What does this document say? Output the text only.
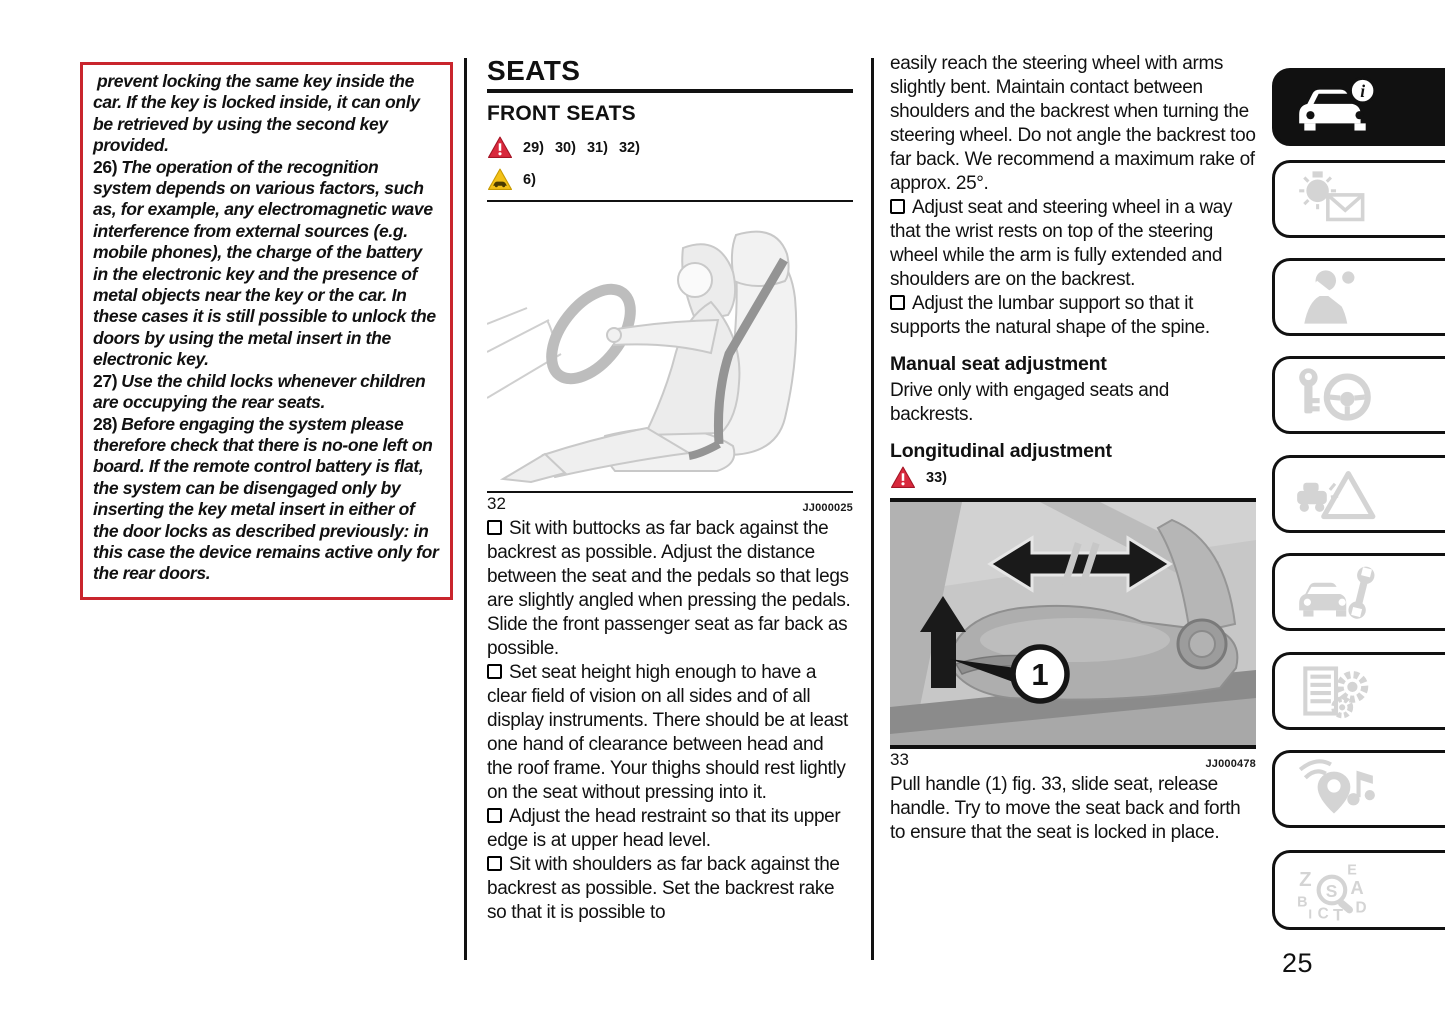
prevent locking the same key inside the car. If the key is locked inside, it can only be retrieved by using the second key provided.

26) The operation of the recognition system depends on various factors, such as, for example, any electromagnetic wave interference from external sources (e.g. mobile phones), the charge of the battery in the electronic key and the presence of metal objects near the key or the car. In these cases it is still possible to unlock the doors by using the metal insert in the electronic key.

27) Use the child locks whenever children are occupying the rear seats.

28) Before engaging the system please therefore check that there is no-one left on board. If the remote control battery is flat, the system can be disengaged only by inserting the key metal insert in either of the door locks as described previously: in this case the device remains active only for the rear doors.

SEATS
FRONT SEATS
29) 30) 31) 32)
6)
32	JJ000025

Sit with buttocks as far back against the backrest as possible. Adjust the distance between the seat and the pedals so that legs are slightly angled when pressing the pedals. Slide the front passenger seat as far back as possible.

Set seat height high enough to have a clear field of vision on all sides and of all display instruments. There should be at least one hand of clearance between head and the roof frame. Your thighs should rest lightly on the seat without pressing into it.

Adjust the head restraint so that its upper edge is at upper head level.

Sit with shoulders as far back against the backrest as possible. Set the backrest rake so that it is possible to

easily reach the steering wheel with arms slightly bent. Maintain contact between shoulders and the backrest when turning the steering wheel. Do not angle the backrest too far back. We recommend a maximum rake of approx. 25°.

Adjust seat and steering wheel in a way that the wrist rests on top of the steering wheel while the arm is fully extended and shoulders are on the backrest.

Adjust the lumbar support so that it supports the natural shape of the spine.

Manual seat adjustment

Drive only with engaged seats and backrests.

Longitudinal adjustment
33)
1
33	JJ000478

Pull handle (1) fig. 33, slide seat, release handle. Try to move the seat back and forth to ensure that the seat is locked in place.

i
Z	E
B
A
I C T D
S
25
